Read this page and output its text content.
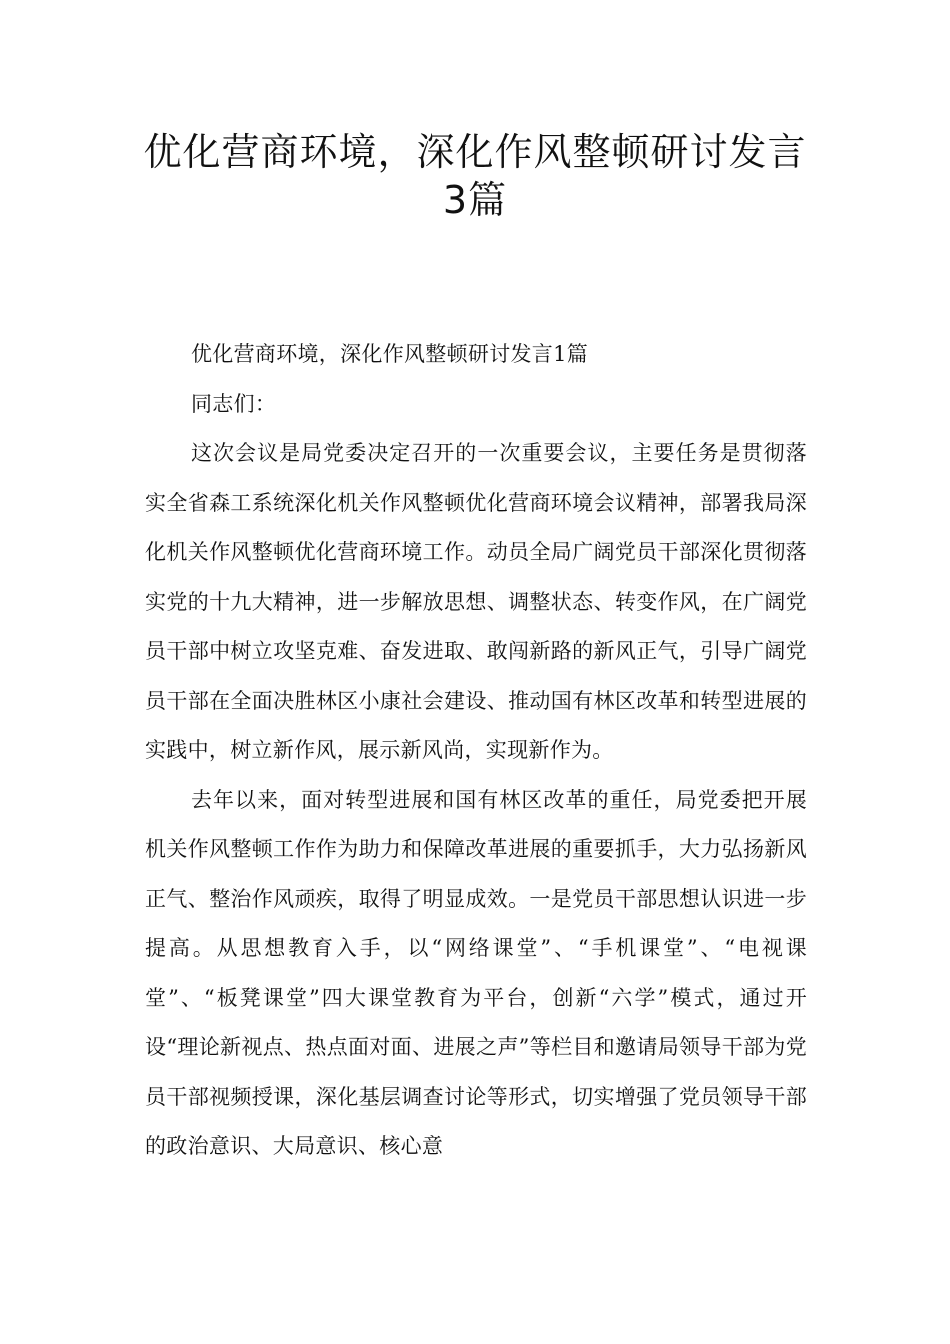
优化营商环境，深化作风整顿研讨发言
3篇

优化营商环境，深化作风整顿研讨发言1篇

同志们：

这次会议是局党委决定召开的一次重要会议，主要任务是贯彻落实全省森工系统深化机关作风整顿优化营商环境会议精神，部署我局深化机关作风整顿优化营商环境工作。动员全局广阔党员干部深化贯彻落实党的十九大精神，进一步解放思想、调整状态、转变作风，在广阔党员干部中树立攻坚克难、奋发进取、敢闯新路的新风正气，引导广阔党员干部在全面决胜林区小康社会建设、推动国有林区改革和转型进展的实践中，树立新作风，展示新风尚，实现新作为。

去年以来，面对转型进展和国有林区改革的重任，局党委把开展机关作风整顿工作作为助力和保障改革进展的重要抓手，大力弘扬新风正气、整治作风顽疾，取得了明显成效。一是党员干部思想认识进一步提高。从思想教育入手，以“网络课堂”、“手机课堂”、“电视课堂”、“板凳课堂”四大课堂教育为平台，创新“六学”模式，通过开设“理论新视点、热点面对面、进展之声”等栏目和邀请局领导干部为党员干部视频授课，深化基层调查讨论等形式，切实增强了党员领导干部的政治意识、大局意识、核心意
